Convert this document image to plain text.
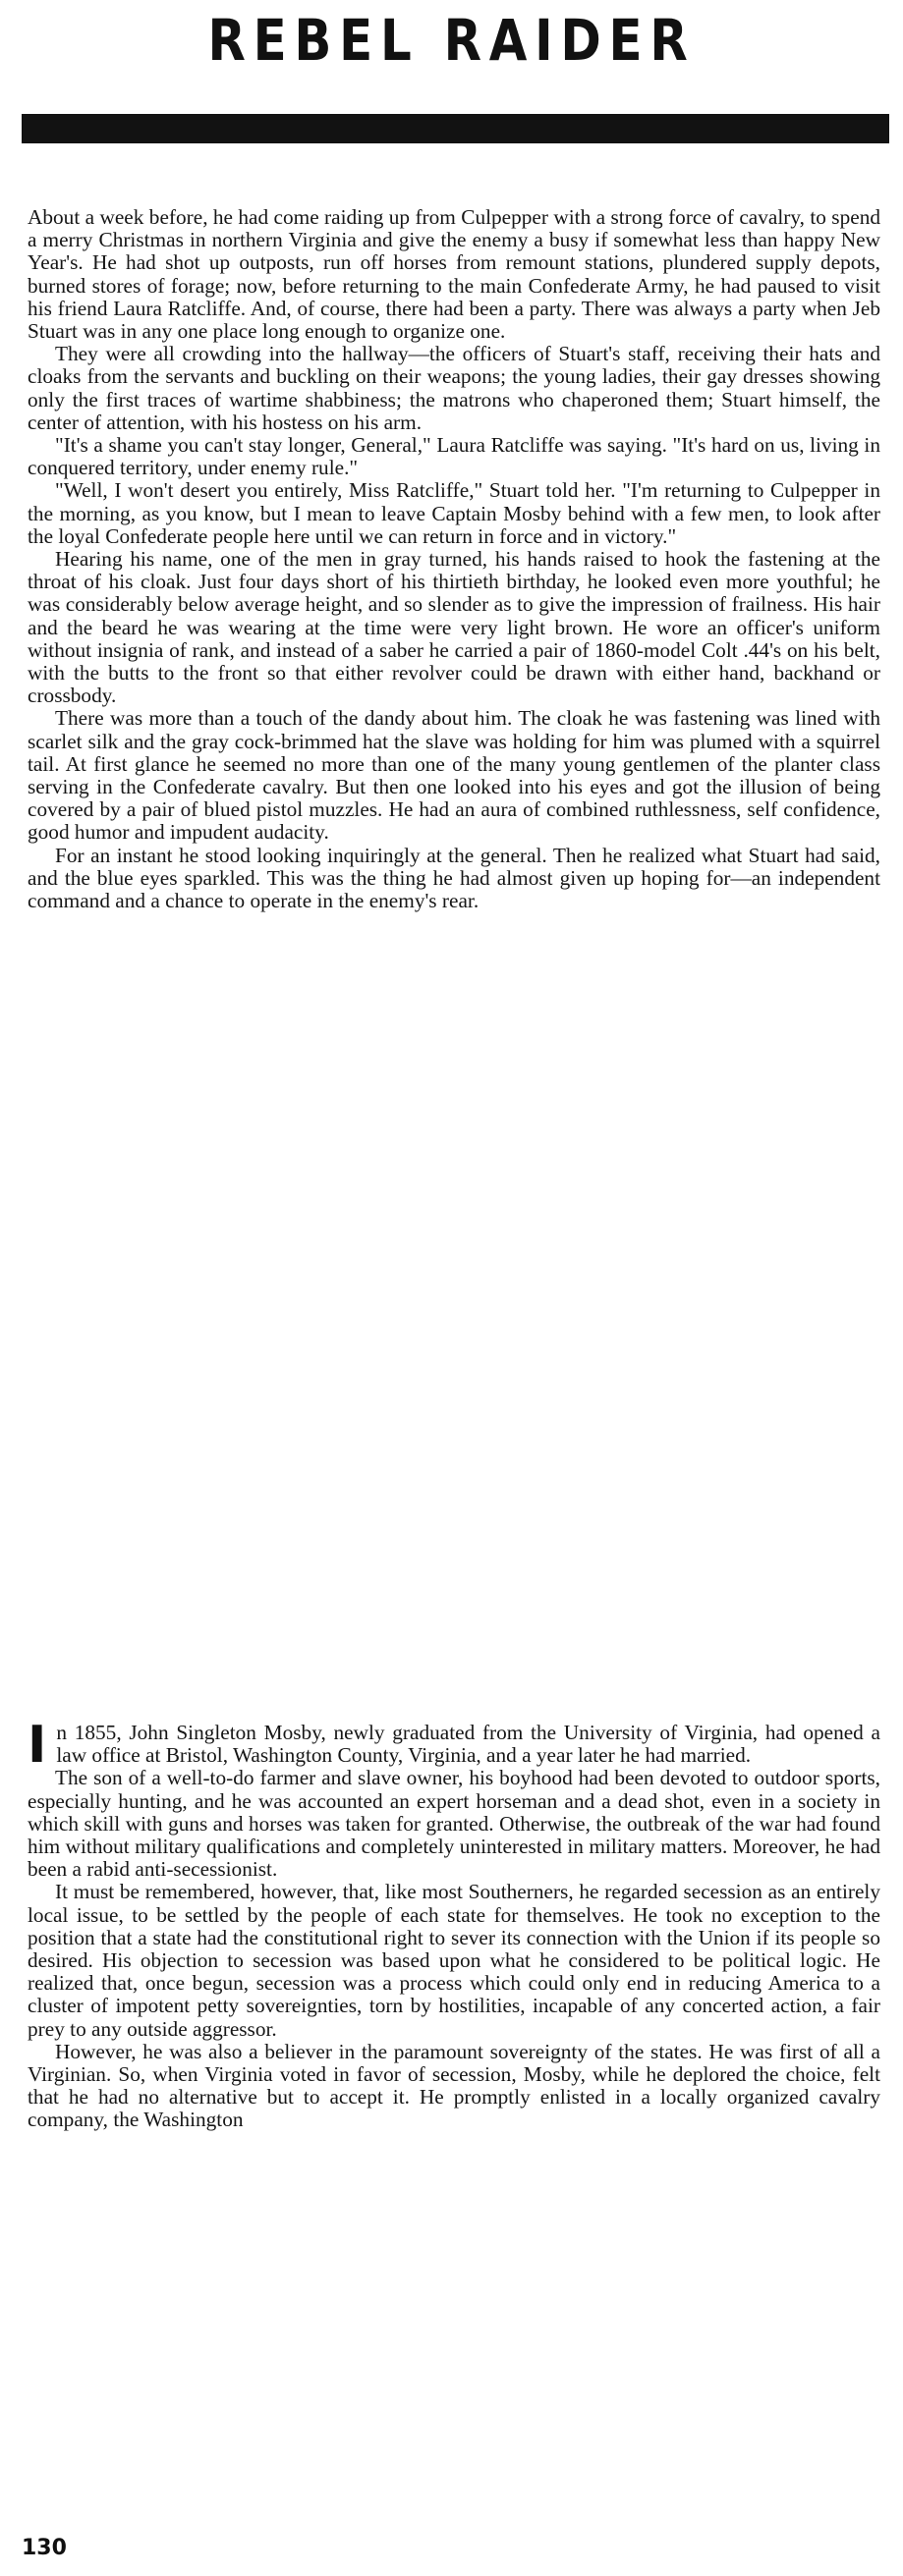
REBEL RAIDER

About a week before, he had come raiding up from Culpepper with a strong force of cavalry, to spend a merry Christmas in northern Virginia and give the enemy a busy if somewhat less than happy New Year's. He had shot up outposts, run off horses from remount stations, plundered supply depots, burned stores of forage; now, before returning to the main Confederate Army, he had paused to visit his friend Laura Ratcliffe. And, of course, there had been a party. There was always a party when Jeb Stuart was in any one place long enough to organize one.

They were all crowding into the hallway—the officers of Stuart's staff, receiving their hats and cloaks from the servants and buckling on their weapons; the young ladies, their gay dresses showing only the first traces of wartime shabbiness; the matrons who chaperoned them; Stuart himself, the center of attention, with his hostess on his arm.

"It's a shame you can't stay longer, General," Laura Ratcliffe was saying. "It's hard on us, living in conquered territory, under enemy rule."

"Well, I won't desert you entirely, Miss Ratcliffe," Stuart told her. "I'm returning to Culpepper in the morning, as you know, but I mean to leave Captain Mosby behind with a few men, to look after the loyal Confederate people here until we can return in force and in victory."

Hearing his name, one of the men in gray turned, his hands raised to hook the fastening at the throat of his cloak. Just four days short of his thirtieth birthday, he looked even more youthful; he was considerably below average height, and so slender as to give the impression of frailness. His hair and the beard he was wearing at the time were very light brown. He wore an officer's uniform without insignia of rank, and instead of a saber he carried a pair of 1860-model Colt .44's on his belt, with the butts to the front so that either revolver could be drawn with either hand, backhand or crossbody.

There was more than a touch of the dandy about him. The cloak he was fastening was lined with scarlet silk and the gray cock-brimmed hat the slave was holding for him was plumed with a squirrel tail. At first glance he seemed no more than one of the many young gentlemen of the planter class serving in the Confederate cavalry. But then one looked into his eyes and got the illusion of being covered by a pair of blued pistol muzzles. He had an aura of combined ruthlessness, self confidence, good humor and impudent audacity.

For an instant he stood looking inquiringly at the general. Then he realized what Stuart had said, and the blue eyes sparkled. This was the thing he had almost given up hoping for—an independent command and a chance to operate in the enemy's rear.

In 1855, John Singleton Mosby, newly graduated from the University of Virginia, had opened a law office at Bristol, Washington County, Virginia, and a year later he had married.

The son of a well-to-do farmer and slave owner, his boyhood had been devoted to outdoor sports, especially hunting, and he was accounted an expert horseman and a dead shot, even in a society in which skill with guns and horses was taken for granted. Otherwise, the outbreak of the war had found him without military qualifications and completely uninterested in military matters. Moreover, he had been a rabid anti-secessionist.

It must be remembered, however, that, like most Southerners, he regarded secession as an entirely local issue, to be settled by the people of each state for themselves. He took no exception to the position that a state had the constitutional right to sever its connection with the Union if its people so desired. His objection to secession was based upon what he considered to be political logic. He realized that, once begun, secession was a process which could only end in reducing America to a cluster of impotent petty sovereignties, torn by hostilities, incapable of any concerted action, a fair prey to any outside aggressor.

However, he was also a believer in the paramount sovereignty of the states. He was first of all a Virginian. So, when Virginia voted in favor of secession, Mosby, while he deplored the choice, felt that he had no alternative but to accept it. He promptly enlisted in a locally organized cavalry company, the Washington

130
